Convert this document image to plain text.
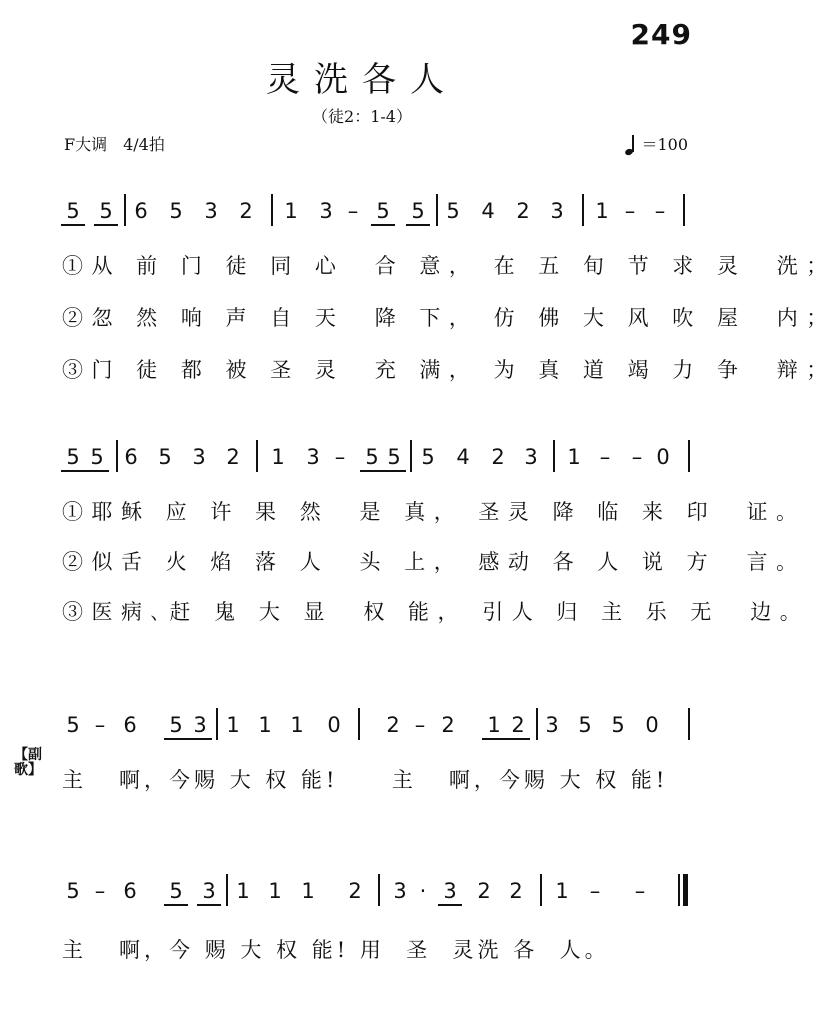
249
灵洗各人
（徒2：1-4）
F大调　4/4拍	＝100
5 5 6 5 3 2 1 3 – 5 5 5 4 2 3 1 – –
①从 前 门 徒 同 心  合 意， 在 五 旬 节 求 灵  洗；
②忽 然 响 声 自 天  降 下， 仿 佛 大 风 吹 屋  内；
③门 徒 都 被 圣 灵  充 满， 为 真 道 竭 力 争  辩；
5 5 6 5 3 2 1 3 – 5 5 5 4 2 3 1 –	– 0
①耶稣 应 许 果 然  是 真， 圣灵 降 临 来 印  证。
②似舌 火 焰 落 人  头 上， 感动 各 人 说 方  言。
③医病､赶 鬼 大 显  权 能， 引人 归 主 乐 无  边。
5 – 6 5 3 1 1 1 0 2 – 2 1 2 3 5 5 0
【副歌】 主   啊，今赐 大 权 能!     主   啊，今赐 大 权 能!
5 – 6 5 3 1 1 1 2 3 · 3 2 2 1	–	–
主   啊，今 赐 大 权 能! 用  圣  灵洗 各  人。
